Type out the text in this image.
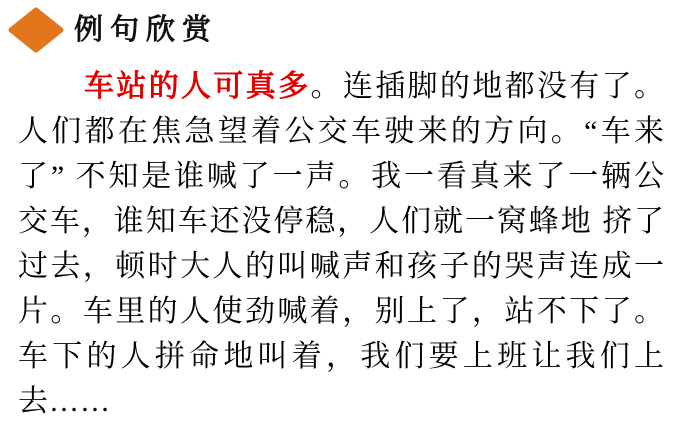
例句欣赏
车站的人可真多。连插脚的地都没有了。
人们都在焦急望着公交车驶来的方向。“车来
了” 不知是谁喊了一声。我一看真来了一辆公
交车，谁知车还没停稳，人们就一窝蜂地 挤了
过去，顿时大人的叫喊声和孩子的哭声连成一
片。车里的人使劲喊着，别上了，站不下了。
车下的人拼命地叫着，我们要上班让我们上
去……
